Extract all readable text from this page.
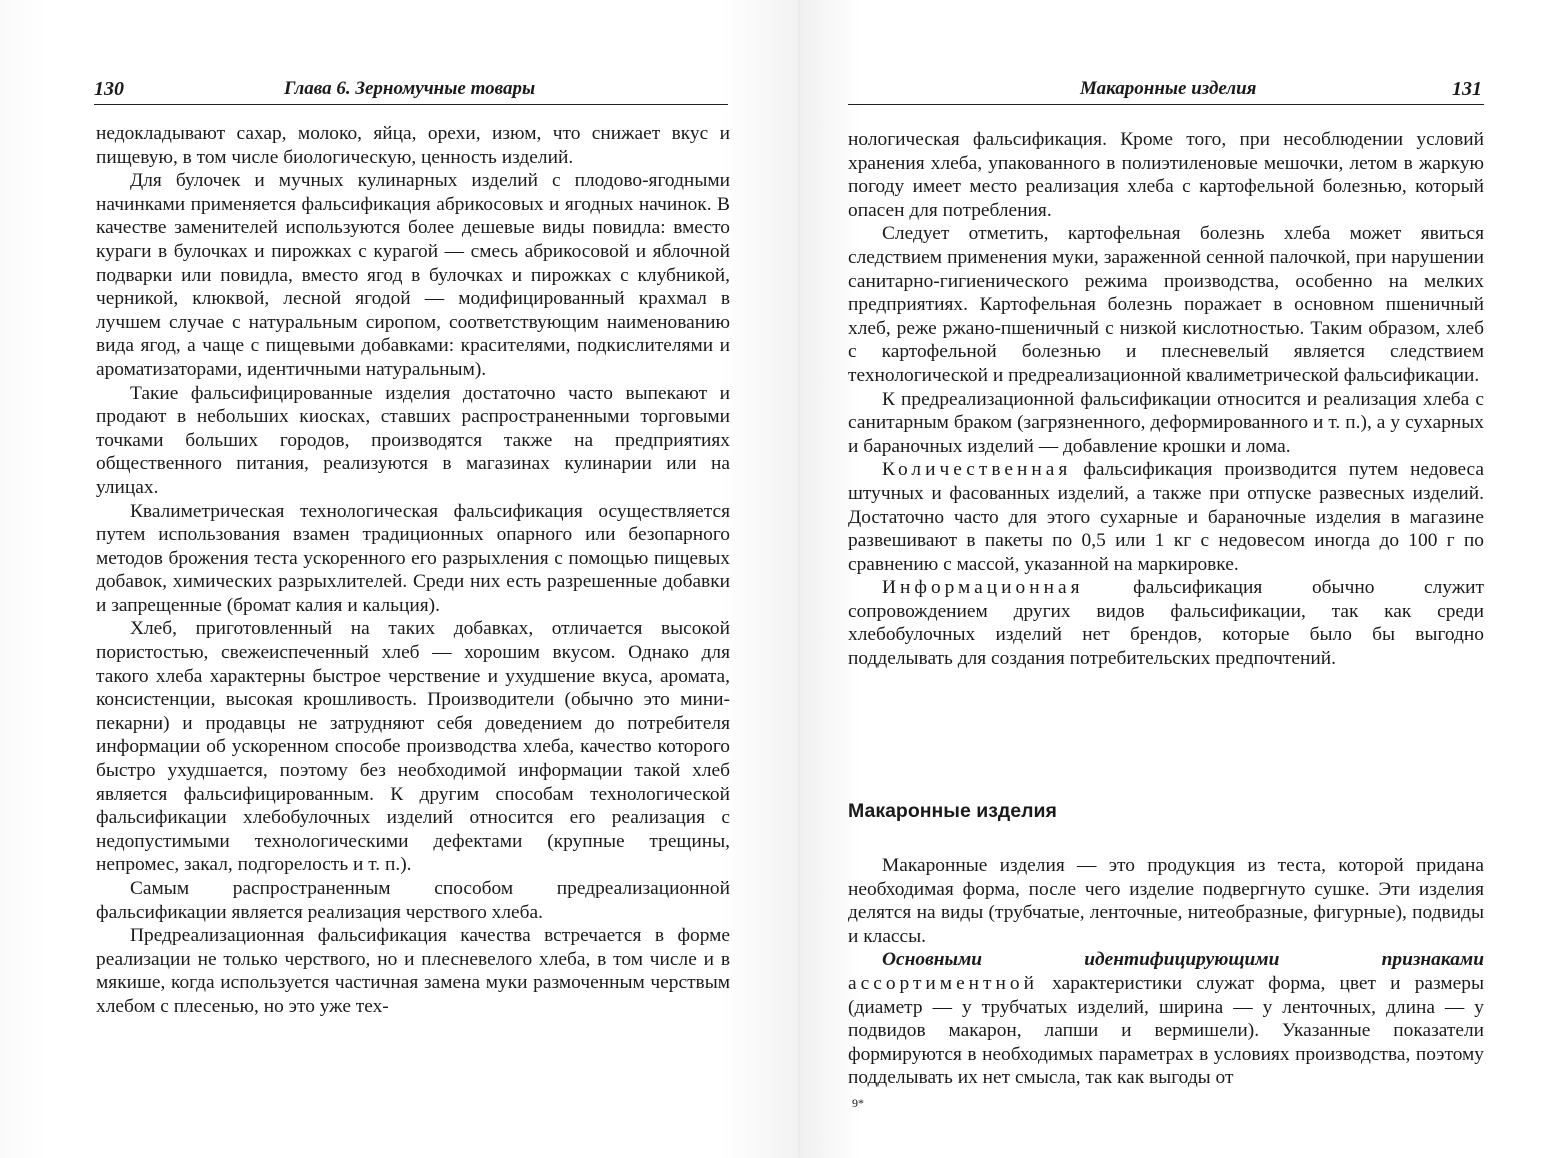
130	Глава 6. Зерномучные товары

недокладывают сахар, молоко, яйца, орехи, изюм, что снижает вкус и пищевую, в том числе биологическую, ценность изделий.

Для булочек и мучных кулинарных изделий с плодово-ягодными начинками применяется фальсификация абрикосовых и ягодных начинок. В качестве заменителей используются более дешевые виды повидла: вместо кураги в булочках и пирожках с курагой — смесь абрикосовой и яблочной подварки или повидла, вместо ягод в булочках и пирожках с клубникой, черникой, клюквой, лесной ягодой — модифицированный крахмал в лучшем случае с натуральным сиропом, соответствующим наименованию вида ягод, а чаще с пищевыми добавками: красителями, подкислителями и ароматизаторами, идентичными натуральным).

Такие фальсифицированные изделия достаточно часто выпекают и продают в небольших киосках, ставших распространенными торговыми точками больших городов, производятся также на предприятиях общественного питания, реализуются в магазинах кулинарии или на улицах.

Квалиметрическая технологическая фальсификация осуществляется путем использования взамен традиционных опарного или безопарного методов брожения теста ускоренного его разрыхления с помощью пищевых добавок, химических разрыхлителей. Среди них есть разрешенные добавки и запрещенные (бромат калия и кальция).

Хлеб, приготовленный на таких добавках, отличается высокой пористостью, свежеиспеченный хлеб — хорошим вкусом. Однако для такого хлеба характерны быстрое черствение и ухудшение вкуса, аромата, консистенции, высокая крошливость. Производители (обычно это мини-пекарни) и продавцы не затрудняют себя доведением до потребителя информации об ускоренном способе производства хлеба, качество которого быстро ухудшается, поэтому без необходимой информации такой хлеб является фальсифицированным. К другим способам технологической фальсификации хлебобулочных изделий относится его реализация с недопустимыми технологическими дефектами (крупные трещины, непромес, закал, подгорелость и т. п.).

Самым распространенным способом предреализационной фальсификации является реализация черствого хлеба.

Предреализационная фальсификация качества встречается в форме реализации не только черствого, но и плесневелого хлеба, в том числе и в мякише, когда используется частичная замена муки размоченным черствым хлебом с плесенью, но это уже тех-

Макаронные изделия	131

нологическая фальсификация. Кроме того, при несоблюдении условий хранения хлеба, упакованного в полиэтиленовые мешочки, летом в жаркую погоду имеет место реализация хлеба с картофельной болезнью, который опасен для потребления.

Следует отметить, картофельная болезнь хлеба может явиться следствием применения муки, зараженной сенной палочкой, при нарушении санитарно-гигиенического режима производства, особенно на мелких предприятиях. Картофельная болезнь поражает в основном пшеничный хлеб, реже ржано-пшеничный с низкой кислотностью. Таким образом, хлеб с картофельной болезнью и плесневелый является следствием технологической и предреализационной квалиметрической фальсификации.

К предреализационной фальсификации относится и реализация хлеба с санитарным браком (загрязненного, деформированного и т. п.), а у сухарных и бараночных изделий — добавление крошки и лома.

Количественная фальсификация производится путем недовеса штучных и фасованных изделий, а также при отпуске развесных изделий. Достаточно часто для этого сухарные и бараночные изделия в магазине развешивают в пакеты по 0,5 или 1 кг с недовесом иногда до 100 г по сравнению с массой, указанной на маркировке.

Информационная фальсификация обычно служит сопровождением других видов фальсификации, так как среди хлебобулочных изделий нет брендов, которые было бы выгодно подделывать для создания потребительских предпочтений.

Макаронные изделия

Макаронные изделия — это продукция из теста, которой придана необходимая форма, после чего изделие подвергнуто сушке. Эти изделия делятся на виды (трубчатые, ленточные, нитеобразные, фигурные), подвиды и классы.

Основными идентифицирующими признаками ассортиментной характеристики служат форма, цвет и размеры (диаметр — у трубчатых изделий, ширина — у ленточных, длина — у подвидов макарон, лапши и вермишели). Указанные показатели формируются в необходимых параметрах в условиях производства, поэтому подделывать их нет смысла, так как выгоды от

9*
